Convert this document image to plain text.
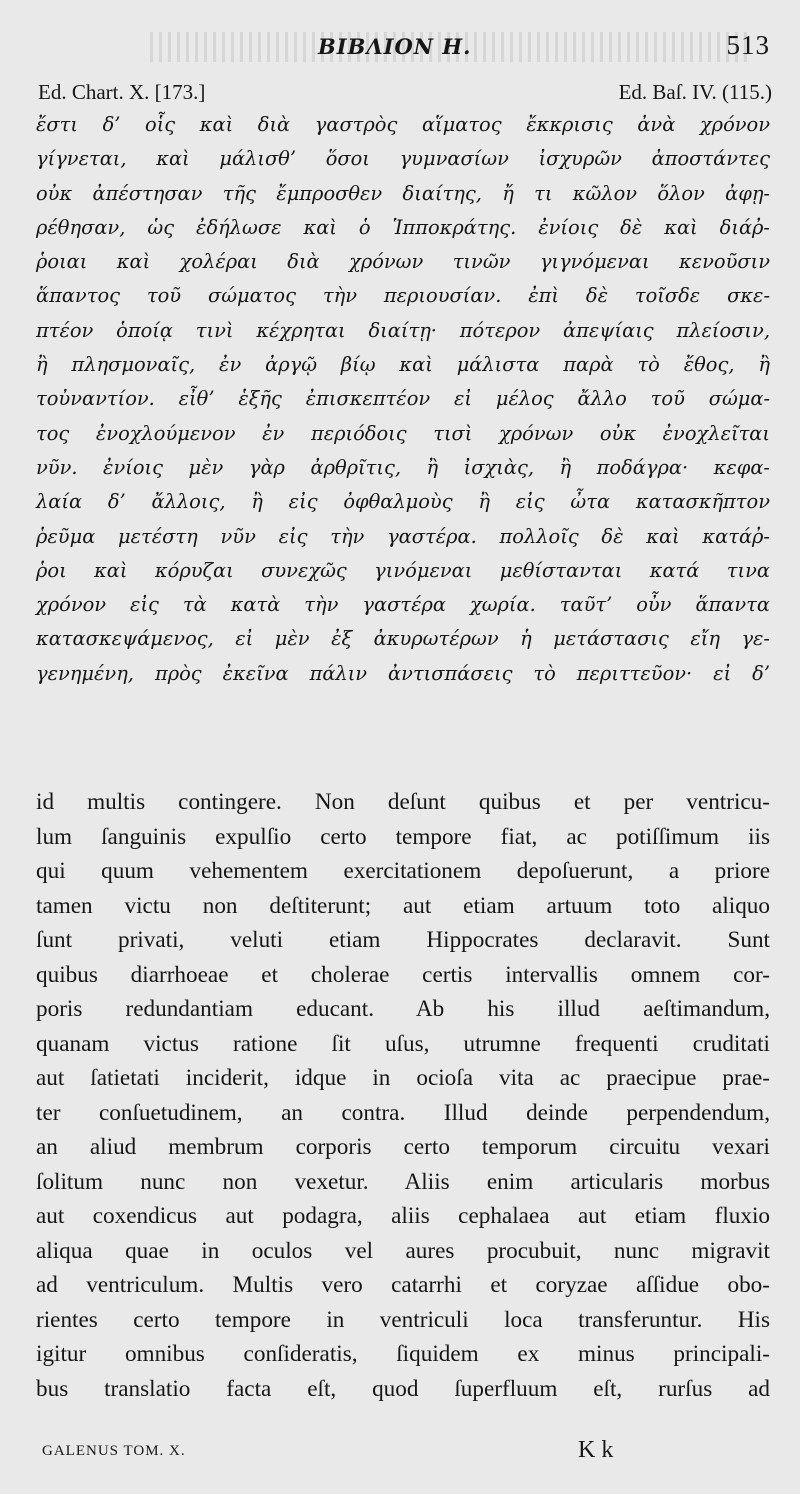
BIBΛΙΟΝ Η.	513
Ed. Chart. X. [173.]	Ed. Baſ. IV. (115.)
ἔστι δ’ οἷς καὶ διὰ γαστρὸς αἵματος ἔκκρισις ἀνὰ χρόνον
γίγνεται, καὶ μάλισθ’ ὅσοι γυμνασίων ἰσχυρῶν ἀποστάντες
οὐκ ἀπέστησαν τῆς ἔμπροσθεν διαίτης, ἤ τι κῶλον ὅλον ἀφῃ-
ρέθησαν, ὡς ἐδήλωσε καὶ ὁ Ἱπποκράτης. ἐνίοις δὲ καὶ διάῤ-
ῥοιαι καὶ χολέραι διὰ χρόνων τινῶν γιγνόμεναι κενοῦσιν
ἅπαντος τοῦ σώματος τὴν περιουσίαν. ἐπὶ δὲ τοῖσδε σκε-
πτέον ὁποίᾳ τινὶ κέχρηται διαίτῃ· πότερον ἀπεψίαις πλείοσιν,
ἢ πλησμοναῖς, ἐν ἀργῷ βίῳ καὶ μάλιστα παρὰ τὸ ἔθος, ἢ
τοὐναντίον. εἶθ’ ἑξῆς ἐπισκεπτέον εἰ μέλος ἄλλο τοῦ σώμα-
τος ἐνοχλούμενον ἐν περιόδοις τισὶ χρόνων οὐκ ἐνοχλεῖται
νῦν. ἐνίοις μὲν γὰρ ἀρθρῖτις, ἢ ἰσχιὰς, ἢ ποδάγρα· κεφα-
λαία δ’ ἄλλοις, ἢ εἰς ὀφθαλμοὺς ἢ εἰς ὦτα κατασκῆπτον
ῥεῦμα μετέστη νῦν εἰς τὴν γαστέρα. πολλοῖς δὲ καὶ κατάῤ-
ῥοι καὶ κόρυζαι συνεχῶς γινόμεναι μεθίστανται κατά τινα
χρόνον εἰς τὰ κατὰ τὴν γαστέρα χωρία. ταῦτ’ οὖν ἅπαντα
κατασκεψάμενος, εἰ μὲν ἐξ ἀκυρωτέρων ἡ μετάστασις εἴη γε-
γενημένη, πρὸς ἐκεῖνα πάλιν ἀντισπάσεις τὸ περιττεῦον· εἰ δ’
id multis contingere. Non deſunt quibus et per ventricu-
lum ſanguinis expulſio certo tempore fiat, ac potiſſimum iis
qui quum vehementem exercitationem depoſuerunt, a priore
tamen victu non deſtiterunt; aut etiam artuum toto aliquo
ſunt privati, veluti etiam Hippocrates declaravit. Sunt
quibus diarrhoeae et cholerae certis intervallis omnem cor-
poris redundantiam educant. Ab his illud aeſtimandum,
quanam victus ratione ſit uſus, utrumne frequenti cruditati
aut ſatietati inciderit, idque in ocioſa vita ac praecipue prae-
ter conſuetudinem, an contra. Illud deinde perpendendum,
an aliud membrum corporis certo temporum circuitu vexari
ſolitum nunc non vexetur. Aliis enim articularis morbus
aut coxendicus aut podagra, aliis cephalaea aut etiam fluxio
aliqua quae in oculos vel aures procubuit, nunc migravit
ad ventriculum. Multis vero catarrhi et coryzae aſſidue obo-
rientes certo tempore in ventriculi loca transferuntur. His
igitur omnibus conſideratis, ſiquidem ex minus principali-
bus translatio facta eſt, quod ſuperfluum eſt, rurſus ad
GALENUS TOM. X.	K k
